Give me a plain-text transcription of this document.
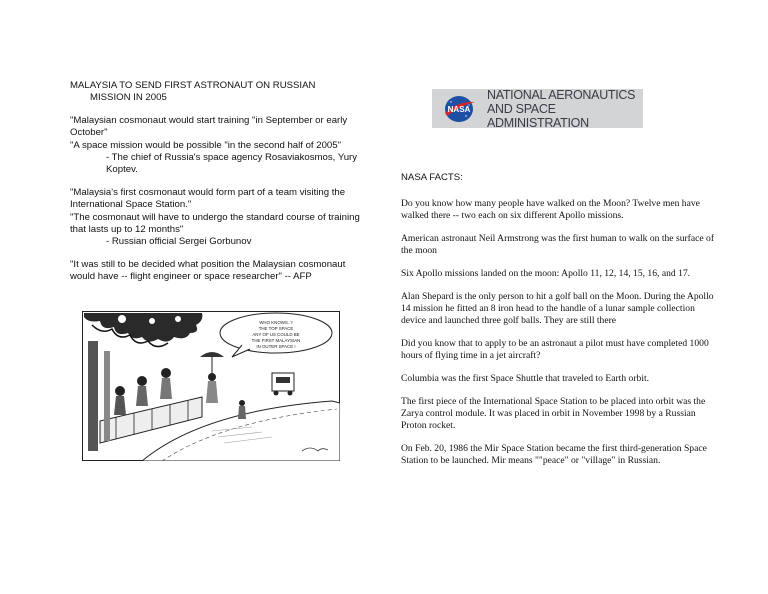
MALAYSIA TO SEND FIRST ASTRONAUT ON RUSSIAN

MISSION IN 2005

"Malaysian cosmonaut would start training "in September or early October"

"A space mission would be possible "in the second half of 2005"

- The chief of Russia's space agency Rosaviakosmos, Yury Koptev.

"Malaysia's first cosmonaut would form part of a team visiting the International Space Station."

"The cosmonaut will have to undergo the standard course of training that lasts up to 12 months"

- Russian official Sergei Gorbunov

"It was still to be decided what position the Malaysian cosmonaut would have -- flight engineer or space researcher" -- AFP

NASA
NATIONAL AERONAUTICS
AND SPACE ADMINISTRATION

NASA FACTS:

Do you know how many people have walked on the Moon? Twelve men have walked there -- two each on six different Apollo missions.

American astronaut Neil Armstrong was the first human to walk on the surface of the moon

Six Apollo missions landed on the moon: Apollo 11, 12, 14, 15, 16, and 17.

Alan Shepard is the only person to hit a golf ball on the Moon. During the Apollo 14 mission he fitted an 8 iron head to the handle of a lunar sample collection device and launched three golf balls. They are still there

Did you know that to apply to be an astronaut a pilot must have completed 1000 hours of flying time in a jet aircraft?

Columbia was the first Space Shuttle that traveled to Earth orbit.

The first piece of the International Space Station to be placed into orbit was the Zarya control module. It was placed in orbit in November 1998 by a Russian Proton rocket.

On Feb. 20, 1986 the Mir Space Station became the first third-generation Space Station to be launched. Mir means ""peace" or "village" in Russian.

WHO KNOWS..?
THE TOP SPACE
ANY OF US COULD BE
THE FIRST MALAYSIAN
IN OUTER SPACE !
